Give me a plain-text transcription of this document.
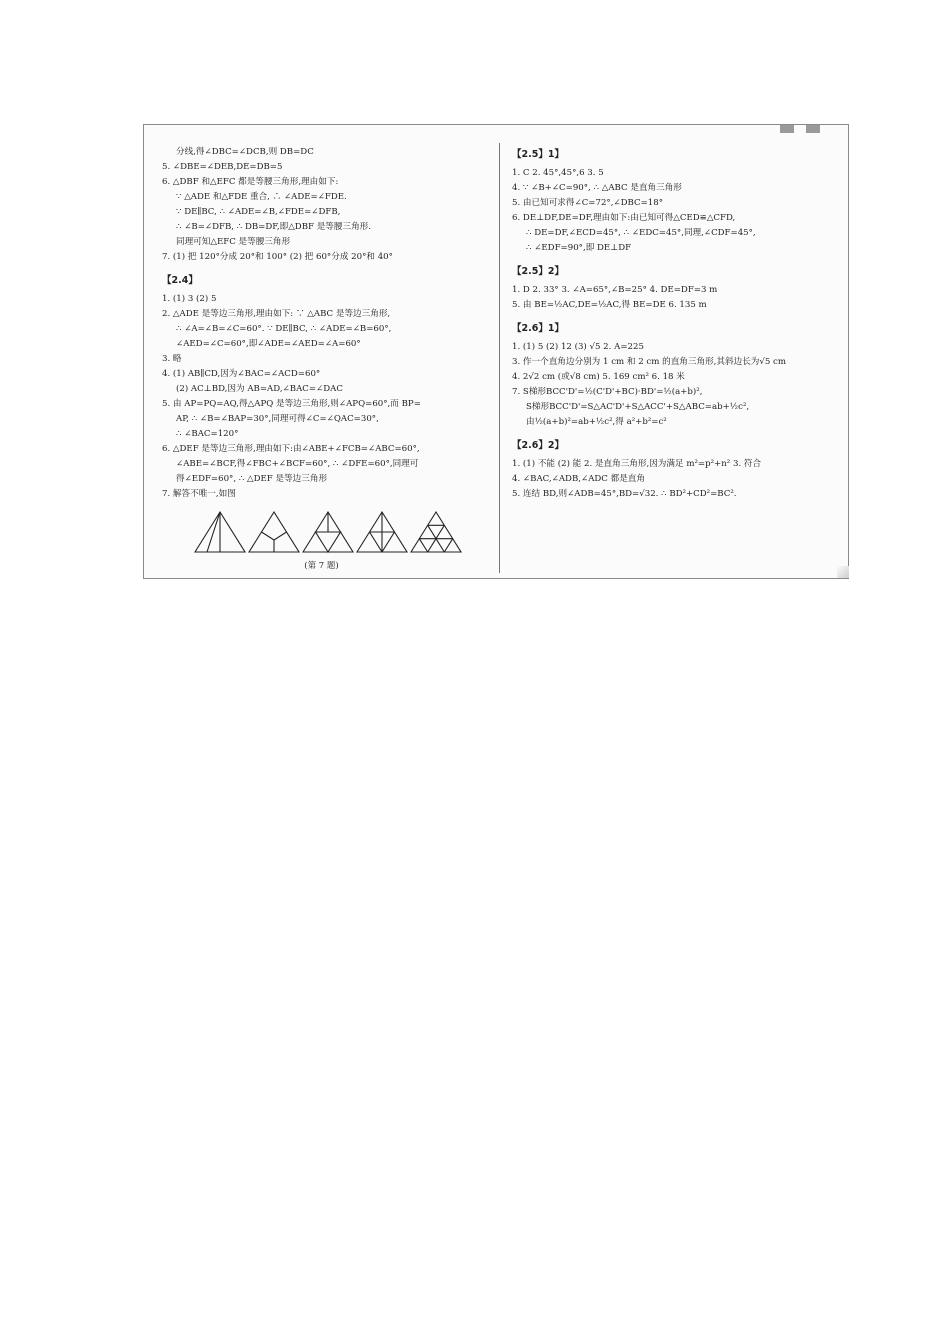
分线,得∠DBC=∠DCB,则 DB=DC
5. ∠DBE=∠DEB,DE=DB=5
6. △DBF 和△EFC 都是等腰三角形,理由如下:
∵ △ADE 和△FDE 重合, ∴ ∠ADE=∠FDE.
∵ DE∥BC, ∴ ∠ADE=∠B,∠FDE=∠DFB,
∴ ∠B=∠DFB, ∴ DB=DF,即△DBF 是等腰三角形.
同理可知△EFC 是等腰三角形
7. (1) 把 120°分成 20°和 100° (2) 把 60°分成 20°和 40°
【2.4】
1. (1) 3 (2) 5
2. △ADE 是等边三角形,理由如下: ∵ △ABC 是等边三角形,
∴ ∠A=∠B=∠C=60°. ∵ DE∥BC, ∴ ∠ADE=∠B=60°,
∠AED=∠C=60°,即∠ADE=∠AED=∠A=60°
3. 略
4. (1) AB∥CD,因为∠BAC=∠ACD=60°
(2) AC⊥BD,因为 AB=AD,∠BAC=∠DAC
5. 由 AP=PQ=AQ,得△APQ 是等边三角形,则∠APQ=60°,而 BP=
AP, ∴ ∠B=∠BAP=30°,同理可得∠C=∠QAC=30°,
∴ ∠BAC=120°
6. △DEF 是等边三角形,理由如下:由∠ABE+∠FCB=∠ABC=60°,
∠ABE=∠BCF,得∠FBC+∠BCF=60°, ∴ ∠DFE=60°,同理可
得∠EDF=60°, ∴ △DEF 是等边三角形
7. 解答不唯一,如图
(第 7 题)
【2.5】1】
1. C 2. 45°,45°,6 3. 5
4. ∵ ∠B+∠C=90°, ∴ △ABC 是直角三角形
5. 由已知可求得∠C=72°,∠DBC=18°
6. DE⊥DF,DE=DF,理由如下:由已知可得△CED≌△CFD,
∴ DE=DF,∠ECD=45°, ∴ ∠EDC=45°,同理,∠CDF=45°,
∴ ∠EDF=90°,即 DE⊥DF
【2.5】2】
1. D 2. 33° 3. ∠A=65°,∠B=25° 4. DE=DF=3 m
5. 由 BE=½AC,DE=½AC,得 BE=DE 6. 135 m
【2.6】1】
1. (1) 5 (2) 12 (3) √5 2. A=225
3. 作一个直角边分别为 1 cm 和 2 cm 的直角三角形,其斜边长为√5 cm
4. 2√2 cm (或√8 cm) 5. 169 cm² 6. 18 米
7. S梯形BCC'D'=½(C'D'+BC)·BD'=½(a+b)²,
S梯形BCC'D'=S△AC'D'+S△ACC'+S△ABC=ab+½c²,
由½(a+b)²=ab+½c²,得 a²+b²=c²
【2.6】2】
1. (1) 不能 (2) 能 2. 是直角三角形,因为满足 m²=p²+n² 3. 符合
4. ∠BAC,∠ADB,∠ADC 都是直角
5. 连结 BD,则∠ADB=45°,BD=√32. ∴ BD²+CD²=BC².
